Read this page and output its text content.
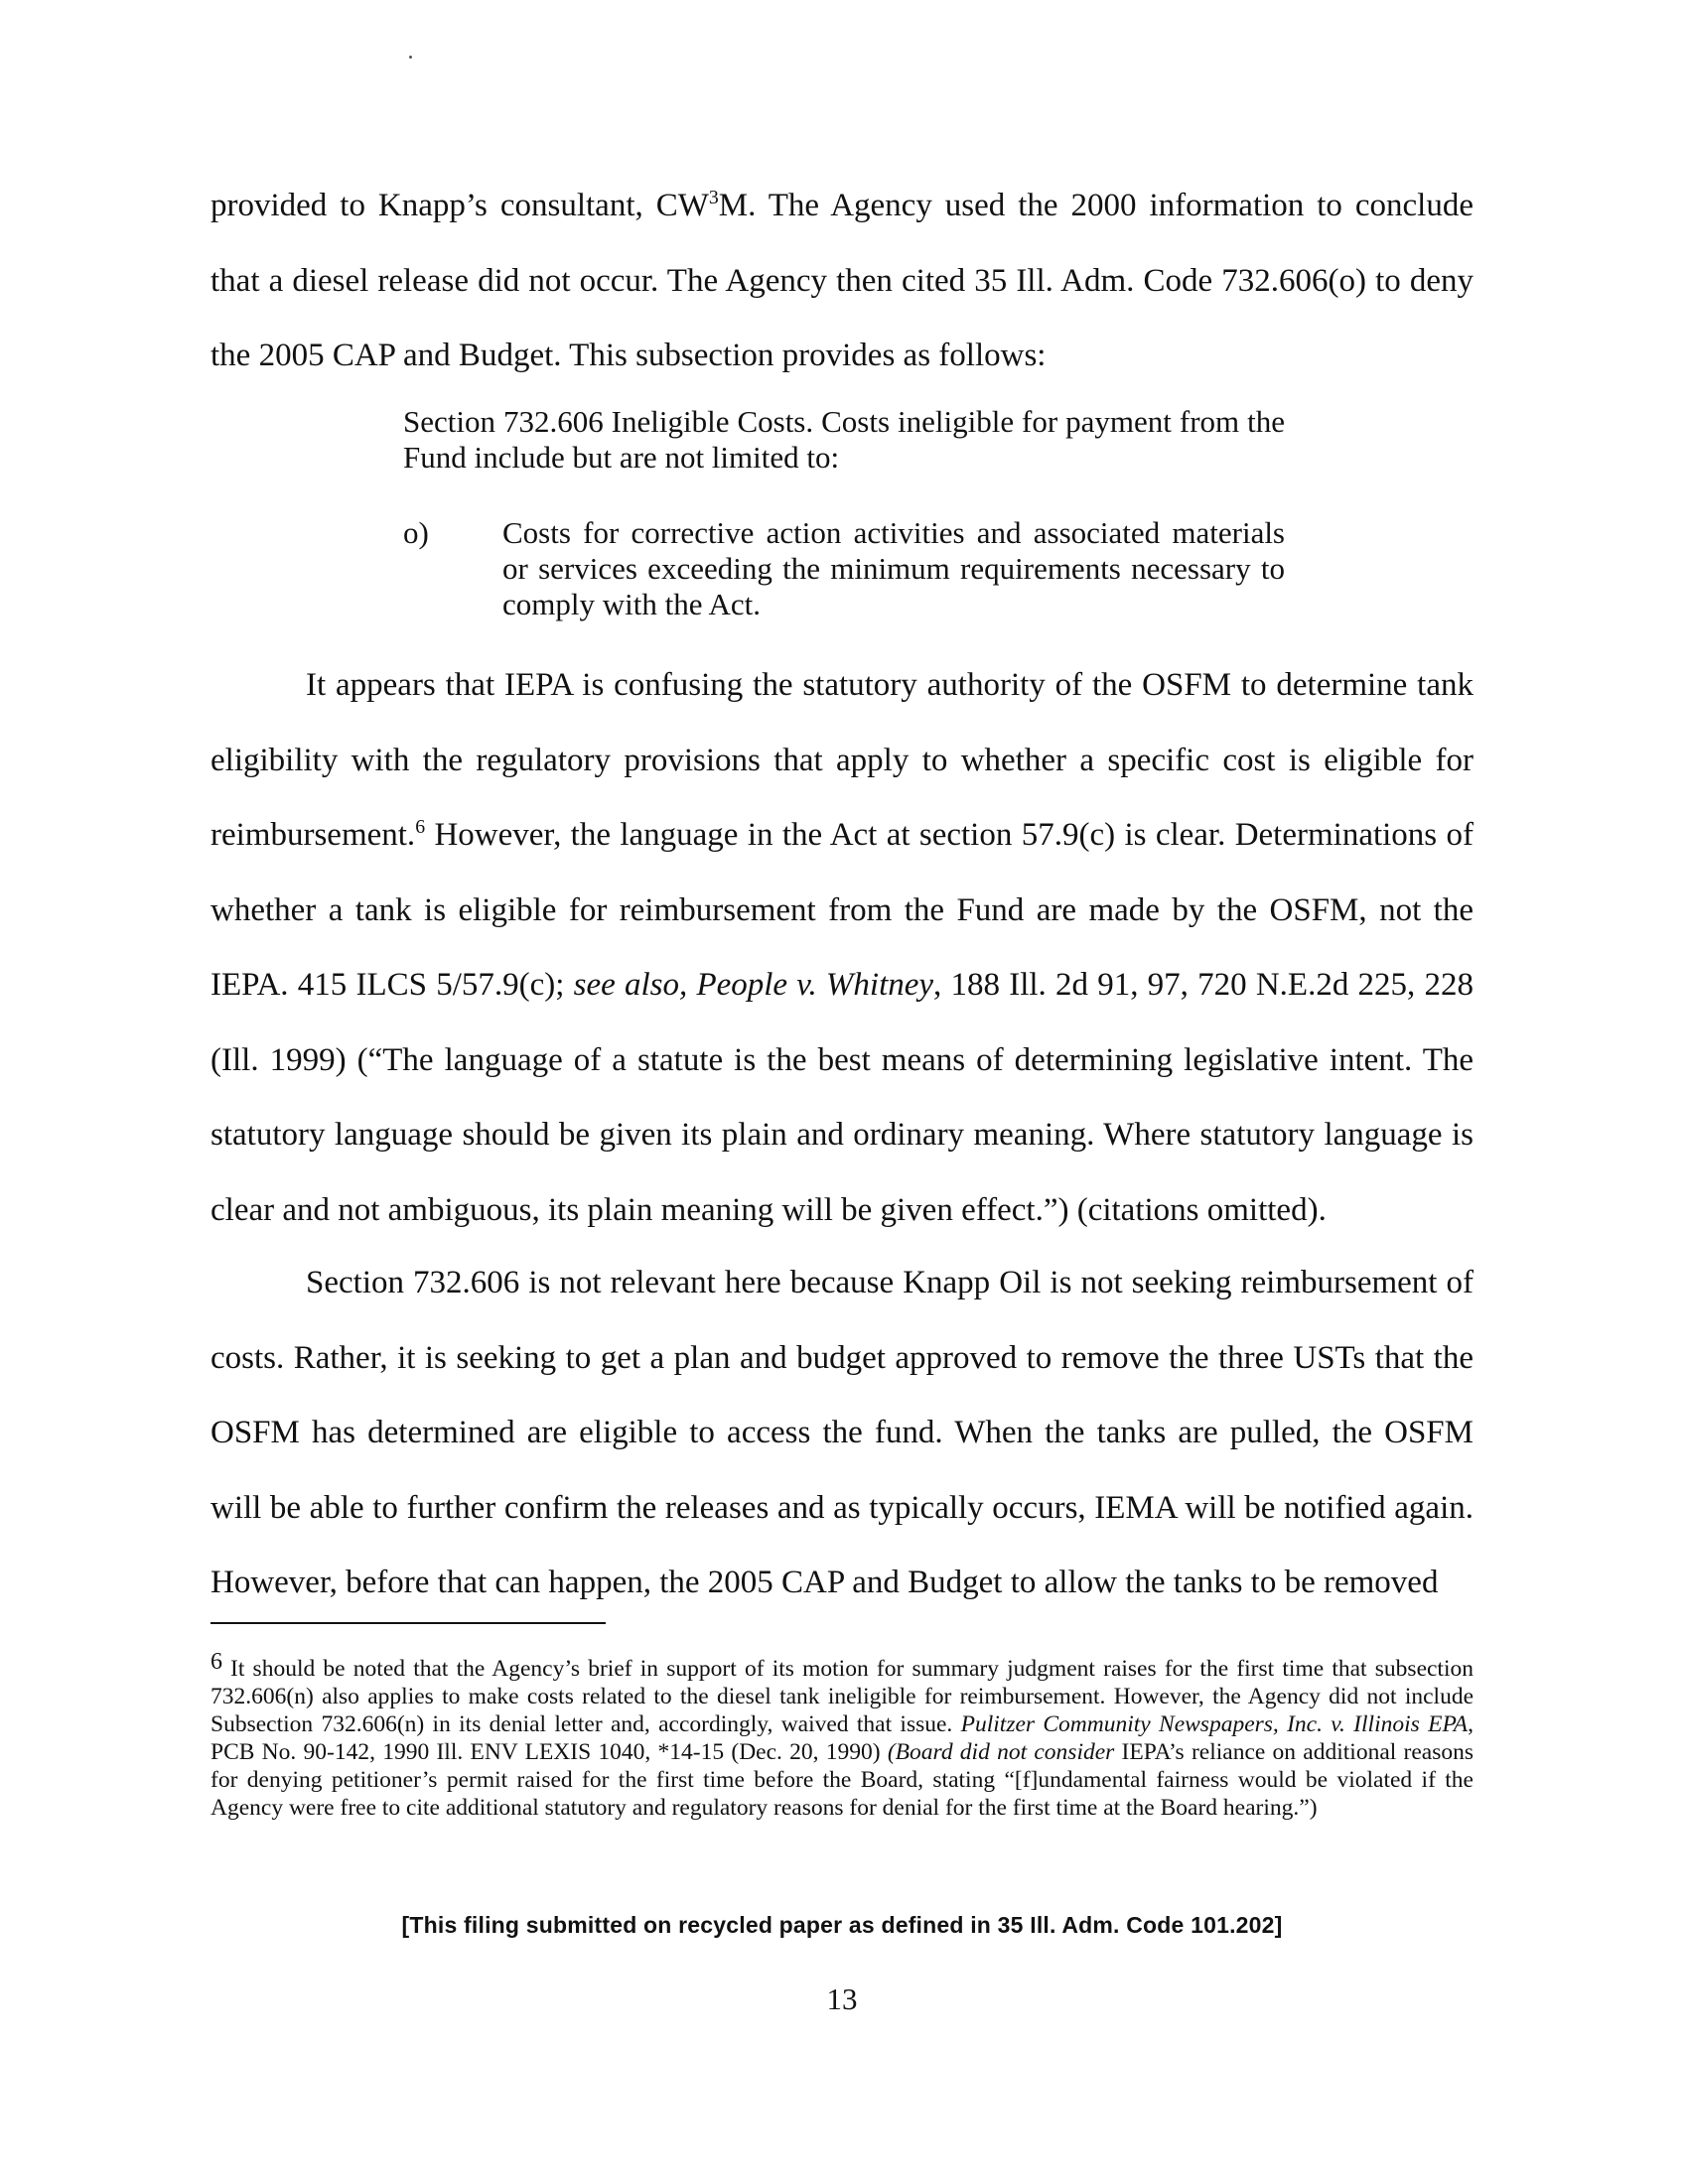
provided to Knapp’s consultant, $CW^3M$. The Agency used the 2000 information to conclude that a diesel release did not occur. The Agency then cited 35 Ill. Adm. Code 732.606(o) to deny the 2005 CAP and Budget. This subsection provides as follows:

Section 732.606 Ineligible Costs. Costs ineligible for payment from the Fund include but are not limited to:

o)	Costs for corrective action activities and associated materials or services exceeding the minimum requirements necessary to comply with the Act.

It appears that IEPA is confusing the statutory authority of the OSFM to determine tank eligibility with the regulatory provisions that apply to whether a specific cost is eligible for reimbursement.$^6$ However, the language in the Act at section 57.9(c) is clear. Determinations of whether a tank is eligible for reimbursement from the Fund are made by the OSFM, not the IEPA. 415 ILCS 5/57.9(c); see also, People v. Whitney, 188 Ill. 2d 91, 97, 720 N.E.2d 225, 228 (Ill. 1999) (“The language of a statute is the best means of determining legislative intent. The statutory language should be given its plain and ordinary meaning. Where statutory language is clear and not ambiguous, its plain meaning will be given effect.”) (citations omitted).

Section 732.606 is not relevant here because Knapp Oil is not seeking reimbursement of costs. Rather, it is seeking to get a plan and budget approved to remove the three USTs that the OSFM has determined are eligible to access the fund. When the tanks are pulled, the OSFM will be able to further confirm the releases and as typically occurs, IEMA will be notified again. However, before that can happen, the 2005 CAP and Budget to allow the tanks to be removed

6 It should be noted that the Agency’s brief in support of its motion for summary judgment raises for the first time that subsection 732.606(n) also applies to make costs related to the diesel tank ineligible for reimbursement. However, the Agency did not include Subsection 732.606(n) in its denial letter and, accordingly, waived that issue. Pulitzer Community Newspapers, Inc. v. Illinois EPA, PCB No. 90-142, 1990 Ill. ENV LEXIS 1040, *14-15 (Dec. 20, 1990) (Board did not consider IEPA’s reliance on additional reasons for denying petitioner’s permit raised for the first time before the Board, stating “[f]undamental fairness would be violated if the Agency were free to cite additional statutory and regulatory reasons for denial for the first time at the Board hearing.”)

[This filing submitted on recycled paper as defined in 35 Ill. Adm. Code 101.202]
13
